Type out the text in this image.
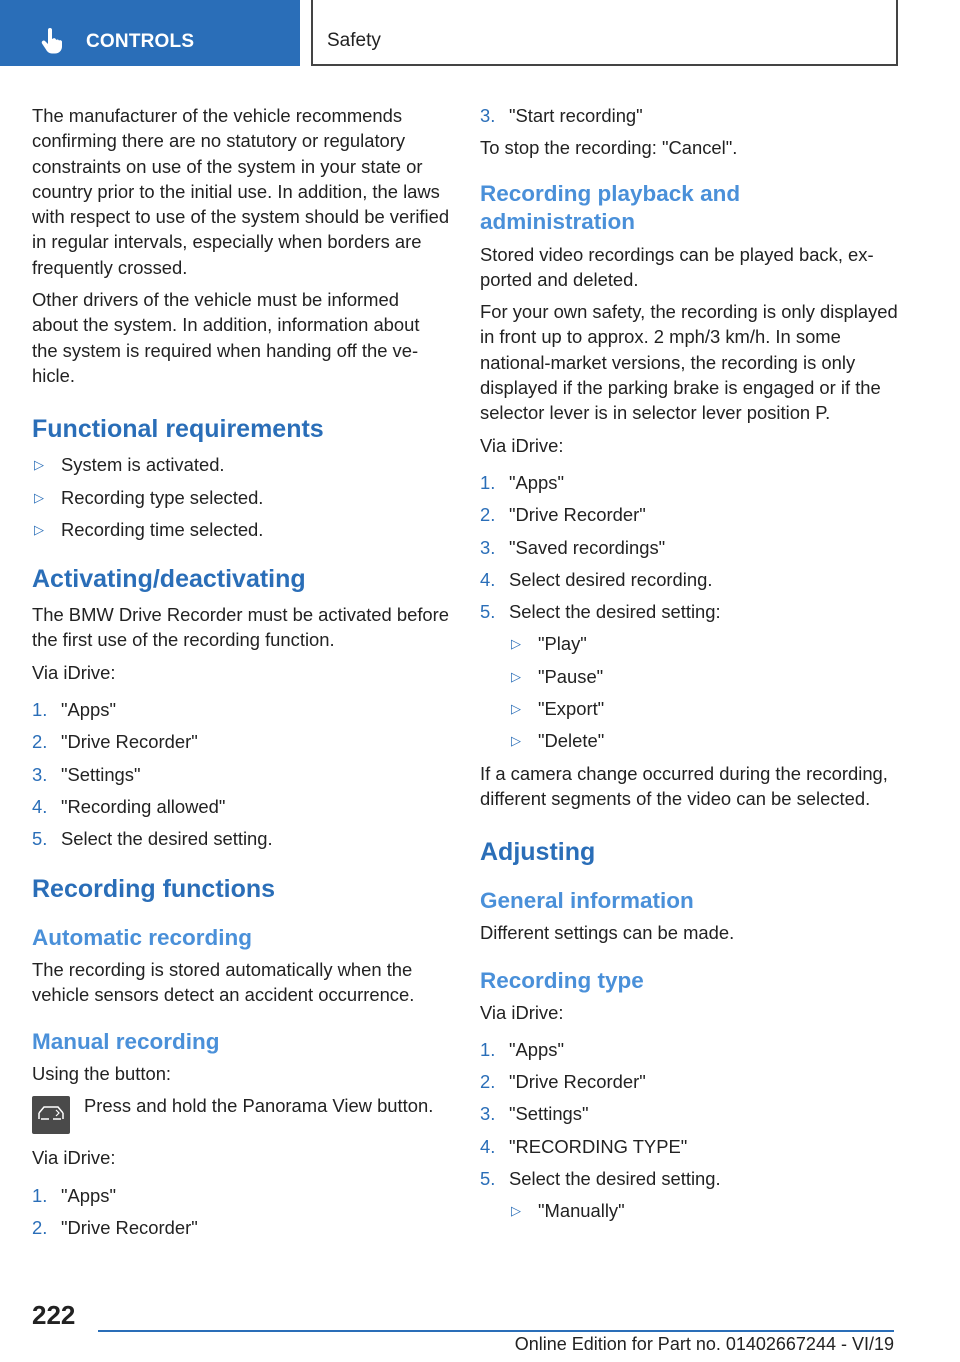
CONTROLS	Safety

The manufacturer of the vehicle recommends confirming there are no statutory or regulatory constraints on use of the system in your state or country prior to the initial use. In addition, the laws with respect to use of the system should be verified in regular intervals, especially when borders are frequently crossed.

Other drivers of the vehicle must be informed about the system. In addition, information about the system is required when handing off the vehicle.

Functional requirements
▷ System is activated.
▷ Recording type selected.
▷ Recording time selected.
Activating/deactivating

The BMW Drive Recorder must be activated before the first use of the recording function.

Via iDrive:

1. "Apps"
2. "Drive Recorder"
3. "Settings"
4. "Recording allowed"
5. Select the desired setting.
Recording functions
Automatic recording

The recording is stored automatically when the vehicle sensors detect an accident occurrence.

Manual recording

Using the button:

Press and hold the Panorama View button.

Via iDrive:

1. "Apps"
2. "Drive Recorder"
3. "Start recording"

To stop the recording: "Cancel".

Recording playback and administration

Stored video recordings can be played back, exported and deleted.

For your own safety, the recording is only displayed in front up to approx. 2 mph/3 km/h. In some national-market versions, the recording is only displayed if the parking brake is engaged or if the selector lever is in selector lever position P.

Via iDrive:

1. "Apps"
2. "Drive Recorder"
3. "Saved recordings"
4. Select desired recording.
5. Select the desired setting:
▷ "Play"
▷ "Pause"
▷ "Export"
▷ "Delete"

If a camera change occurred during the recording, different segments of the video can be selected.

Adjusting
General information

Different settings can be made.

Recording type

Via iDrive:

1. "Apps"
2. "Drive Recorder"
3. "Settings"
4. "RECORDING TYPE"
5. Select the desired setting.
▷ "Manually"
222
Online Edition for Part no. 01402667244 - VI/19
